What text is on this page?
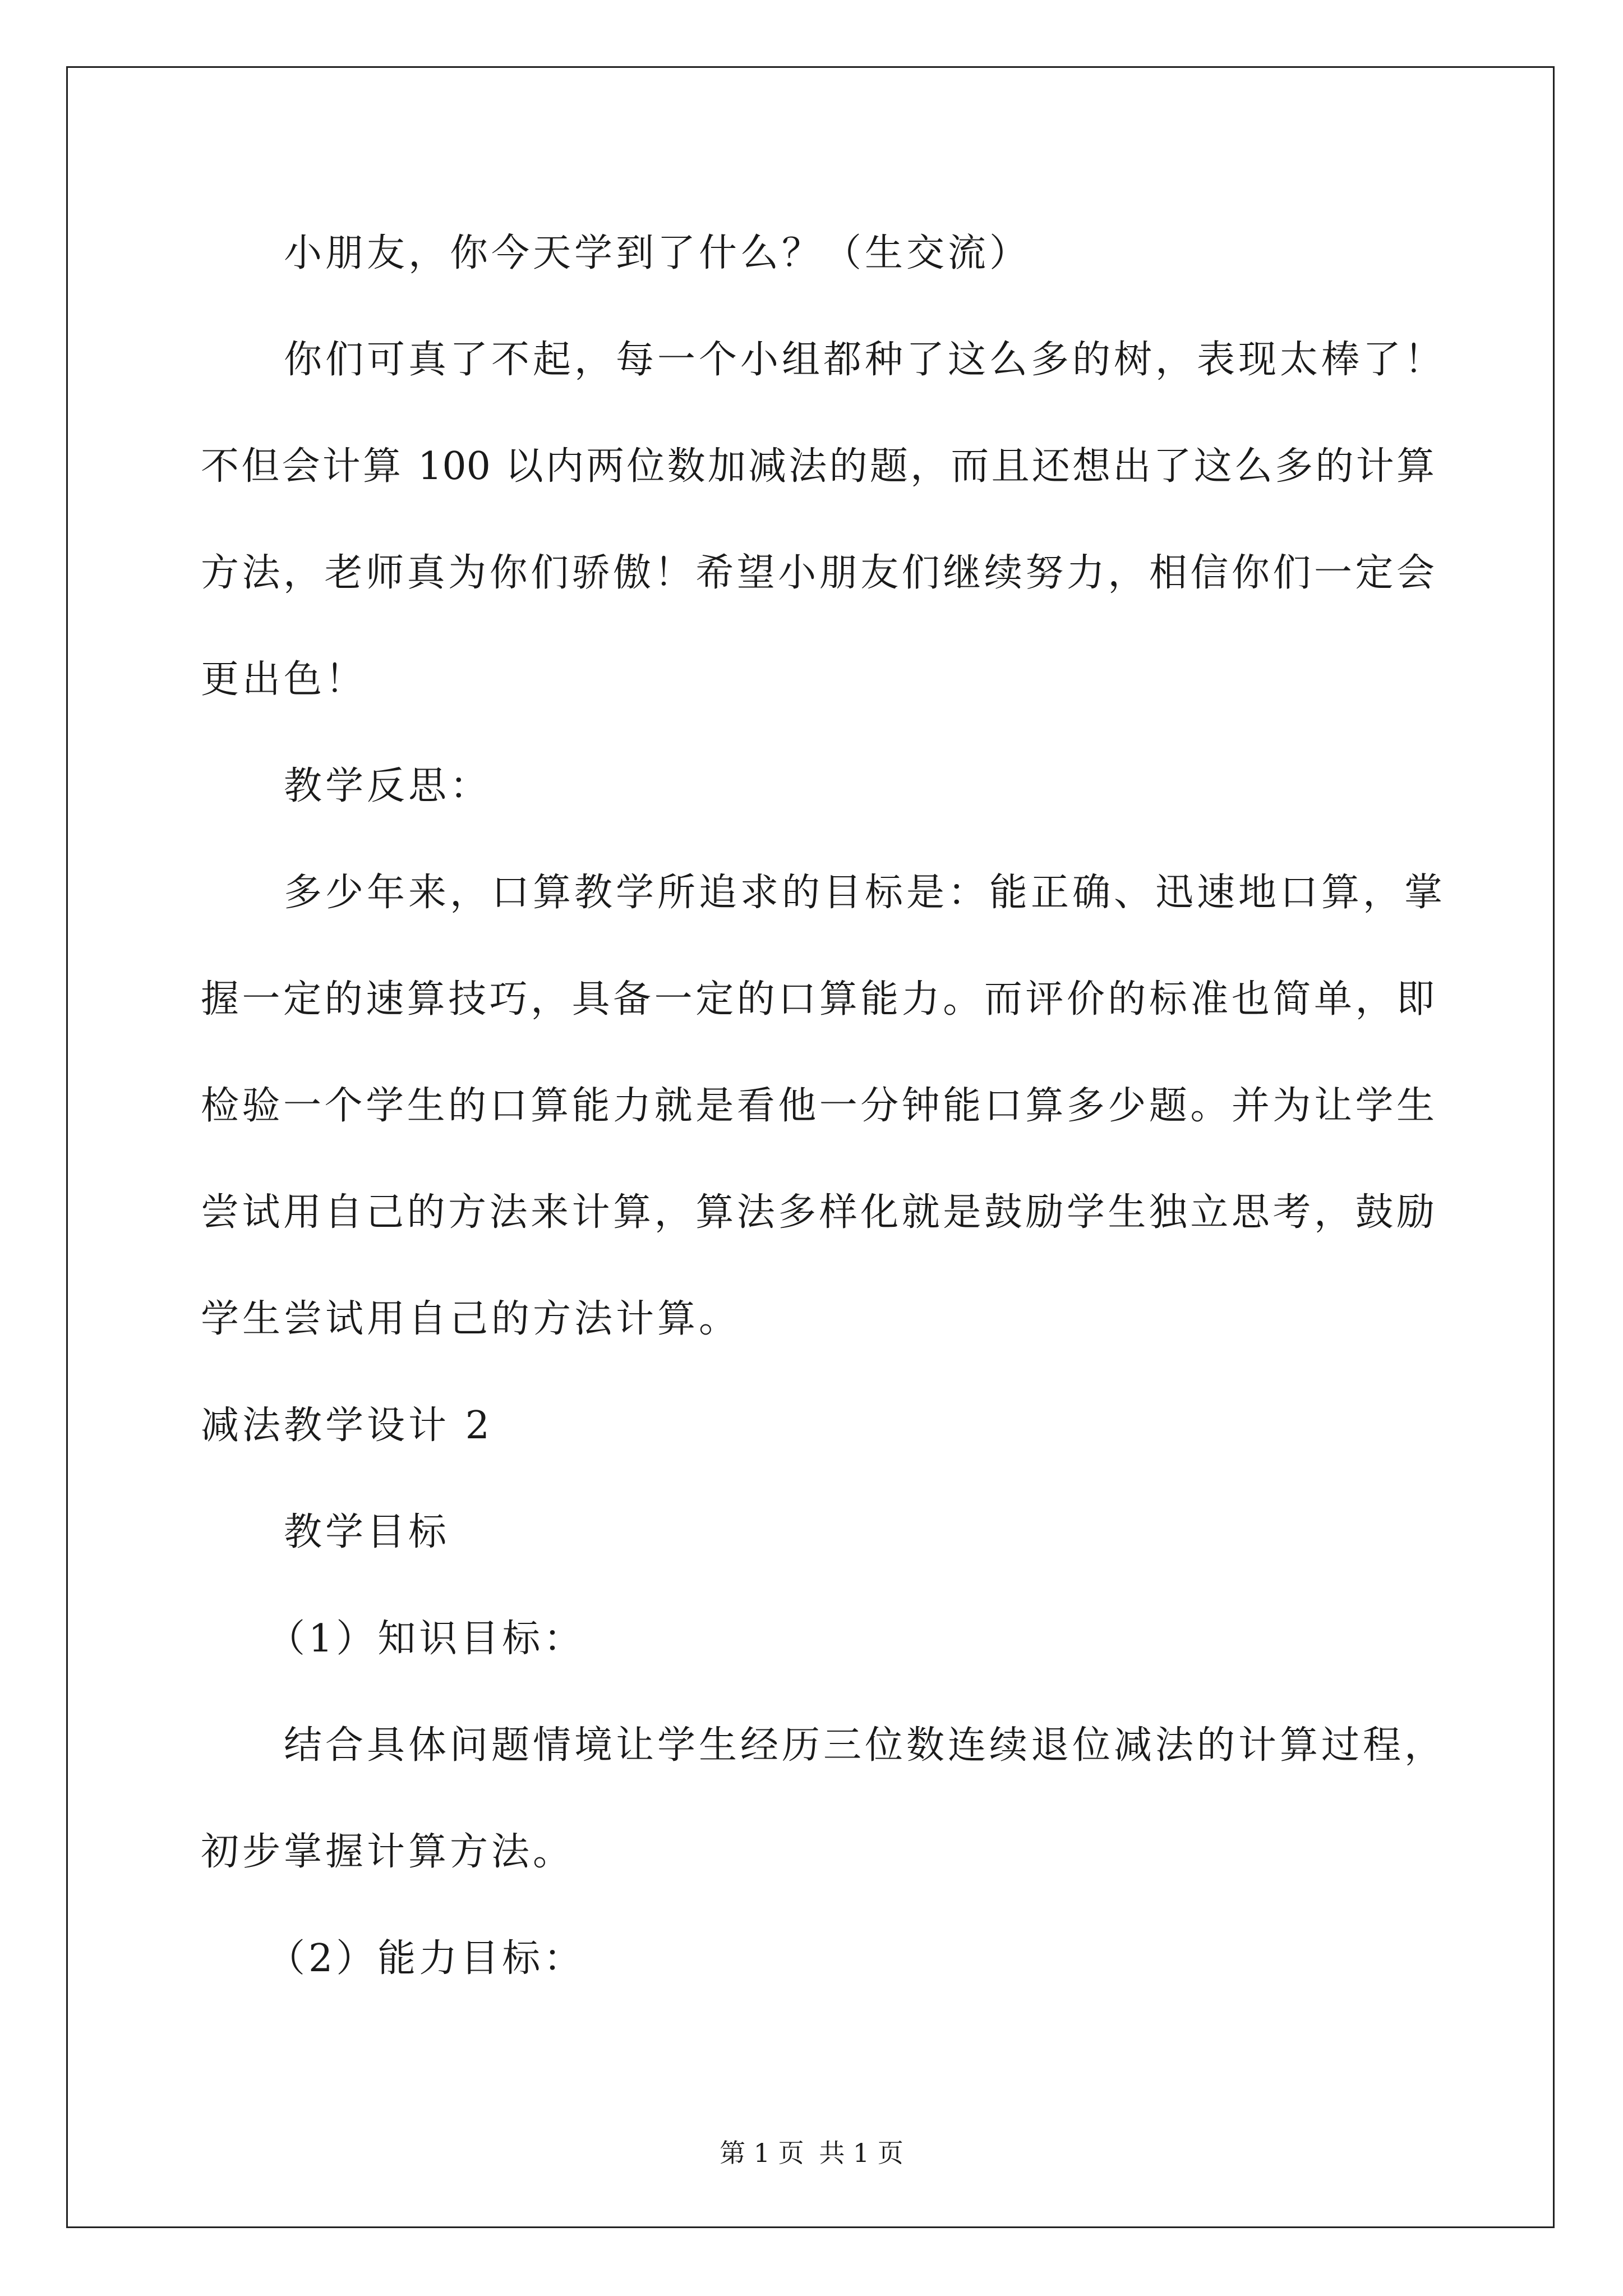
小朋友，你今天学到了什么？（生交流）
你们可真了不起，每一个小组都种了这么多的树，表现太棒了！
不但会计算 100 以内两位数加减法的题，而且还想出了这么多的计算
方法，老师真为你们骄傲！希望小朋友们继续努力，相信你们一定会
更出色！
教学反思：
多少年来，口算教学所追求的目标是：能正确、迅速地口算，掌
握一定的速算技巧，具备一定的口算能力。而评价的标准也简单，即
检验一个学生的口算能力就是看他一分钟能口算多少题。并为让学生
尝试用自己的方法来计算，算法多样化就是鼓励学生独立思考，鼓励
学生尝试用自己的方法计算。
减法教学设计 2
教学目标
（1）知识目标：
结合具体问题情境让学生经历三位数连续退位减法的计算过程，
初步掌握计算方法。
（2）能力目标：
第 1 页 共 1 页
